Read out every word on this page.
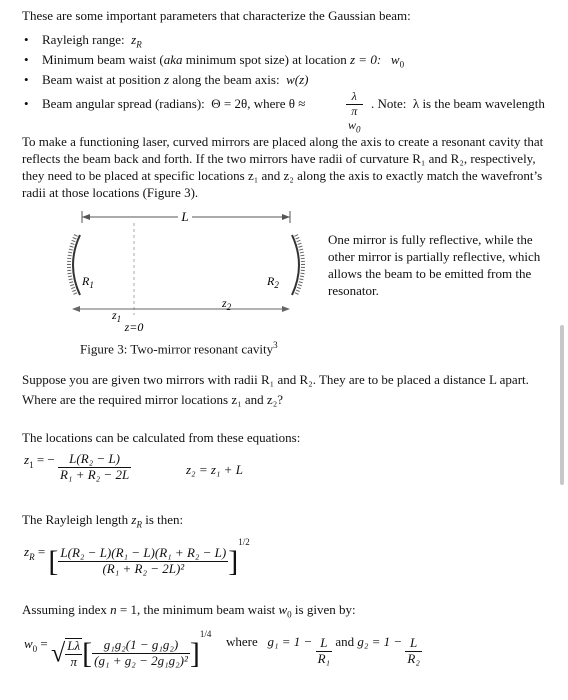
These are some important parameters that characterize the Gaussian beam:
• Rayleigh range: $z_R$
• Minimum beam waist (aka minimum spot size) at location z = 0: $w_0$
• Beam waist at position z along the beam axis: w(z)
• Beam angular spread (radians): Θ = 2θ, where θ ≈	$\frac{\lambda}{\pi w_0}$ . Note: λ is the beam wavelength
To make a functioning laser, curved mirrors are placed along the axis to create a resonant cavity that reflects the beam back and forth. If the two mirrors have radii of curvature R₁ and R₂, respectively, they need to be placed at specific locations z₁ and z₂ along the axis to exactly match the wavefront’s radii at those locations (Figure 3).
L
$R_1$	$R_2$
$z_1$
$z_2$
z=0
One mirror is fully reflective, while the other mirror is partially reflective, which allows the beam to be emitted from the resonator.
Figure 3: Two-mirror resonant cavity$^3$
Suppose you are given two mirrors with radii R₁ and R₂. They are to be placed a distance L apart. Where are the required mirror locations z₁ and z₂?
The locations can be calculated from these equations:
$z_1$ = − $\frac{\text{L(R₂ − L)}}{\text{R₁ + R₂ − 2L}}$	z₂ = z₁ + L
The Rayleigh length $z_R$ is then:
$z_R$ = [ $\frac{\text{L(R₂ − L)(R₁ − L)(R₁ + R₂ − L)}}{\text{(R₁ + R₂ − 2L)²}} ]^{1/2}$
Assuming index n = 1, the minimum beam waist $w_0$ is given by:
$w_0$ = √ $\frac{L\lambda}{\pi}$ [ $\frac{\text{g₁g₂(1 − g₁g₂)}}{\text{(g₁ + g₂ − 2g₁g₂)²}} ]^{1/4}$
where $g_1 = 1 - \frac{L}{\text{R₁}}$ and $g_2 = 1 - \frac{L}{\text{R₂}}$
